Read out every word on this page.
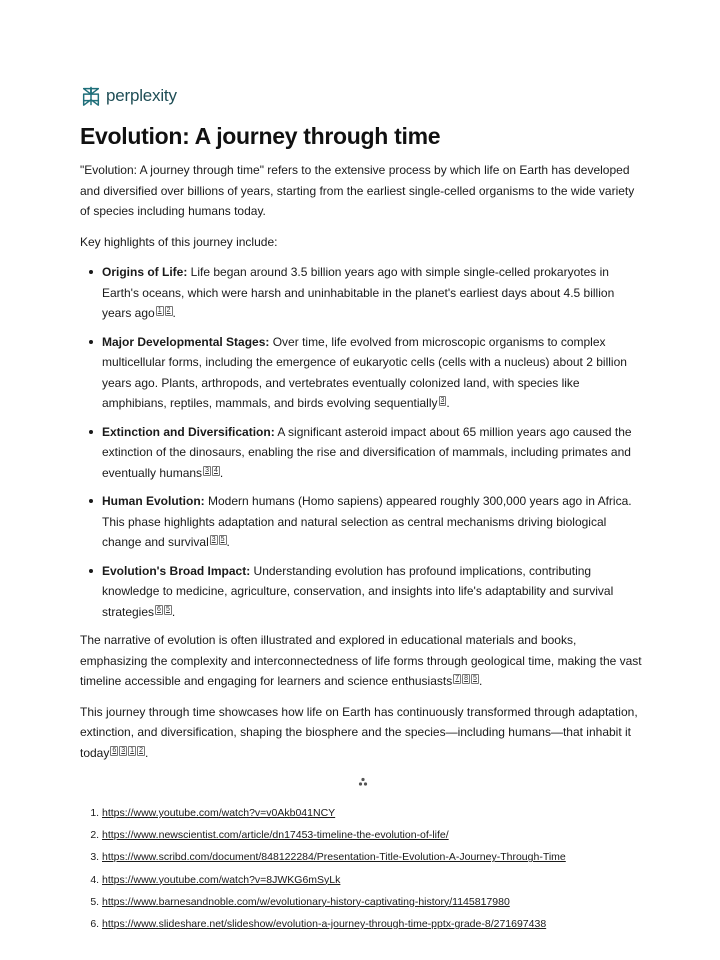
perplexity
Evolution: A journey through time

"Evolution: A journey through time" refers to the extensive process by which life on Earth has developed and diversified over billions of years, starting from the earliest single-celled organisms to the wide variety of species including humans today.

Key highlights of this journey include:

Origins of Life: Life began around 3.5 billion years ago with simple single-celled prokaryotes in Earth's oceans, which were harsh and uninhabitable in the planet's earliest days about 4.5 billion years ago 1 2 .
Major Developmental Stages: Over time, life evolved from microscopic organisms to complex multicellular forms, including the emergence of eukaryotic cells (cells with a nucleus) about 2 billion years ago. Plants, arthropods, and vertebrates eventually colonized land, with species like amphibians, reptiles, mammals, and birds evolving sequentially 3 .
Extinction and Diversification: A significant asteroid impact about 65 million years ago caused the extinction of the dinosaurs, enabling the rise and diversification of mammals, including primates and eventually humans 3 4 .
Human Evolution: Modern humans (Homo sapiens) appeared roughly 300,000 years ago in Africa. This phase highlights adaptation and natural selection as central mechanisms driving biological change and survival 3 5 .
Evolution's Broad Impact: Understanding evolution has profound implications, contributing knowledge to medicine, agriculture, conservation, and insights into life's adaptability and survival strategies 6 5 .

The narrative of evolution is often illustrated and explored in educational materials and books, emphasizing the complexity and interconnectedness of life forms through geological time, making the vast timeline accessible and engaging for learners and science enthusiasts 7 8 5 .

This journey through time showcases how life on Earth has continuously transformed through adaptation, extinction, and diversification, shaping the biosphere and the species—including humans—that inhabit it today 6 3 1 2 .

1. https://www.youtube.com/watch?v=v0Akb041NCY
2. https://www.newscientist.com/article/dn17453-timeline-the-evolution-of-life/
3. https://www.scribd.com/document/848122284/Presentation-Title-Evolution-A-Journey-Through-Time
4. https://www.youtube.com/watch?v=8JWKG6mSyLk
5. https://www.barnesandnoble.com/w/evolutionary-history-captivating-history/1145817980
6. https://www.slideshare.net/slideshow/evolution-a-journey-through-time-pptx-grade-8/271697438
